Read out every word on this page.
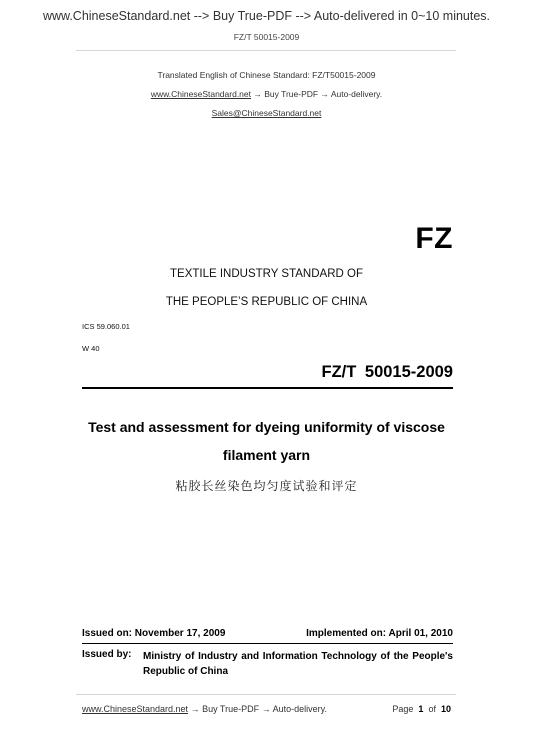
www.ChineseStandard.net --> Buy True-PDF --> Auto-delivered in 0~10 minutes.
FZ/T 50015-2009
Translated English of Chinese Standard: FZ/T50015-2009
www.ChineseStandard.net → Buy True-PDF → Auto-delivery.
Sales@ChineseStandard.net
FZ
TEXTILE INDUSTRY STANDARD OF
THE PEOPLE’S REPUBLIC OF CHINA
ICS 59.060.01
W 40
FZ/T 50015-2009
Test and assessment for dyeing uniformity of viscose
filament yarn
粘胶长丝染色均匀度试验和评定
Issued on: November 17, 2009	Implemented on: April 01, 2010
Issued by: Ministry of Industry and Information Technology of the People's Republic of China
www.ChineseStandard.net → Buy True-PDF → Auto-delivery.	Page 1 of 10
